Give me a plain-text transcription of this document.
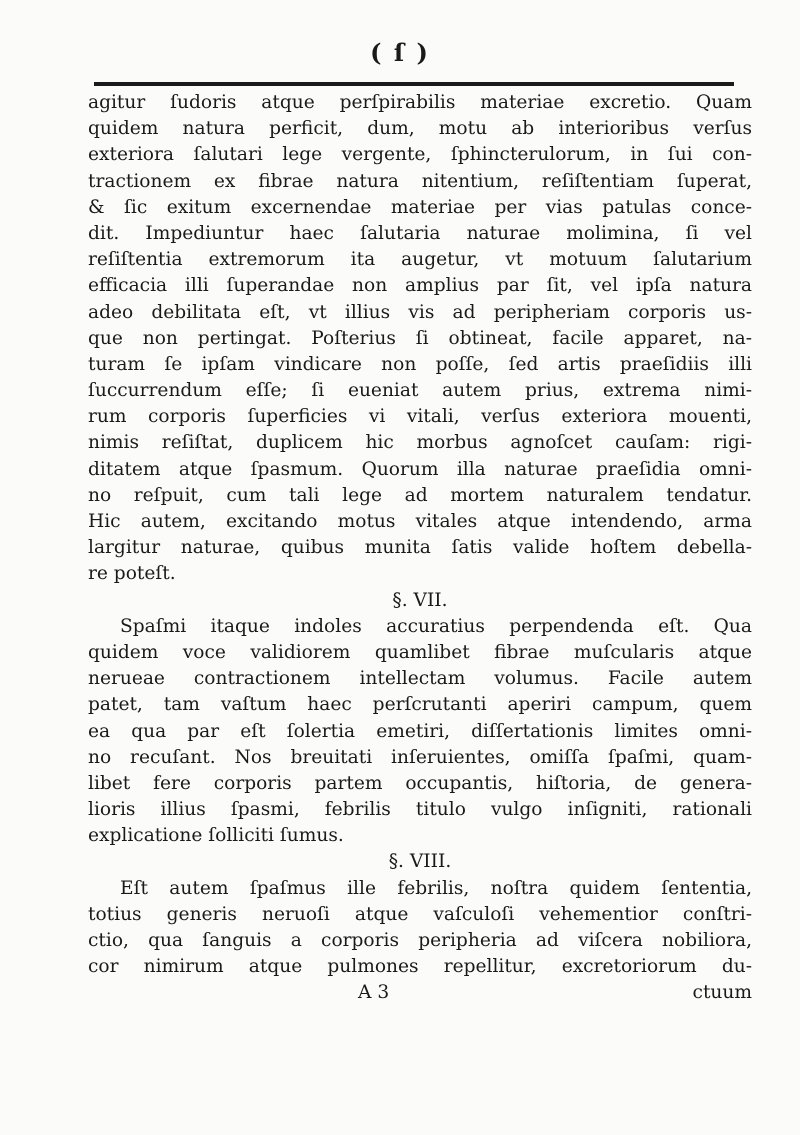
( ſ )
agitur ſudoris atque perſpirabilis materiae excretio. Quam
quidem natura perficit, dum, motu ab interioribus verſus
exteriora ſalutari lege vergente, ſphincterulorum, in ſui con-
tractionem ex fibrae natura nitentium, reſiſtentiam ſuperat,
& ſic exitum excernendae materiae per vias patulas conce-
dit. Impediuntur haec ſalutaria naturae molimina, ſi vel
reſiſtentia extremorum ita augetur, vt motuum ſalutarium
efficacia illi ſuperandae non amplius par ſit, vel ipſa natura
adeo debilitata eſt, vt illius vis ad peripheriam corporis us-
que non pertingat. Poſterius ſi obtineat, facile apparet, na-
turam ſe ipſam vindicare non poſſe, ſed artis praeſidiis illi
ſuccurrendum eſſe; ſi eueniat autem prius, extrema nimi-
rum corporis ſuperficies vi vitali, verſus exteriora mouenti,
nimis reſiſtat, duplicem hic morbus agnoſcet cauſam: rigi-
ditatem atque ſpasmum. Quorum illa naturae praeſidia omni-
no reſpuit, cum tali lege ad mortem naturalem tendatur.
Hic autem, excitando motus vitales atque intendendo, arma
largitur naturae, quibus munita ſatis valide hoſtem debella-
re poteſt.
§. VII.
Spaſmi itaque indoles accuratius perpendenda eſt. Qua
quidem voce validiorem quamlibet fibrae muſcularis atque
nerueae contractionem intellectam volumus. Facile autem
patet, tam vaſtum haec perſcrutanti aperiri campum, quem
ea qua par eſt ſolertia emetiri, diſſertationis limites omni-
no recuſant. Nos breuitati inſeruientes, omiſſa ſpaſmi, quam-
libet fere corporis partem occupantis, hiſtoria, de genera-
lioris illius ſpasmi, febrilis titulo vulgo inſigniti, rationali
explicatione ſolliciti ſumus.
§. VIII.
Eſt autem ſpaſmus ille febrilis, noſtra quidem ſententia,
totius generis neruoſi atque vaſculoſi vehementior conſtri-
ctio, qua ſanguis a corporis peripheria ad viſcera nobiliora,
cor nimirum atque pulmones repellitur, excretoriorum du-
A 3	ctuum
